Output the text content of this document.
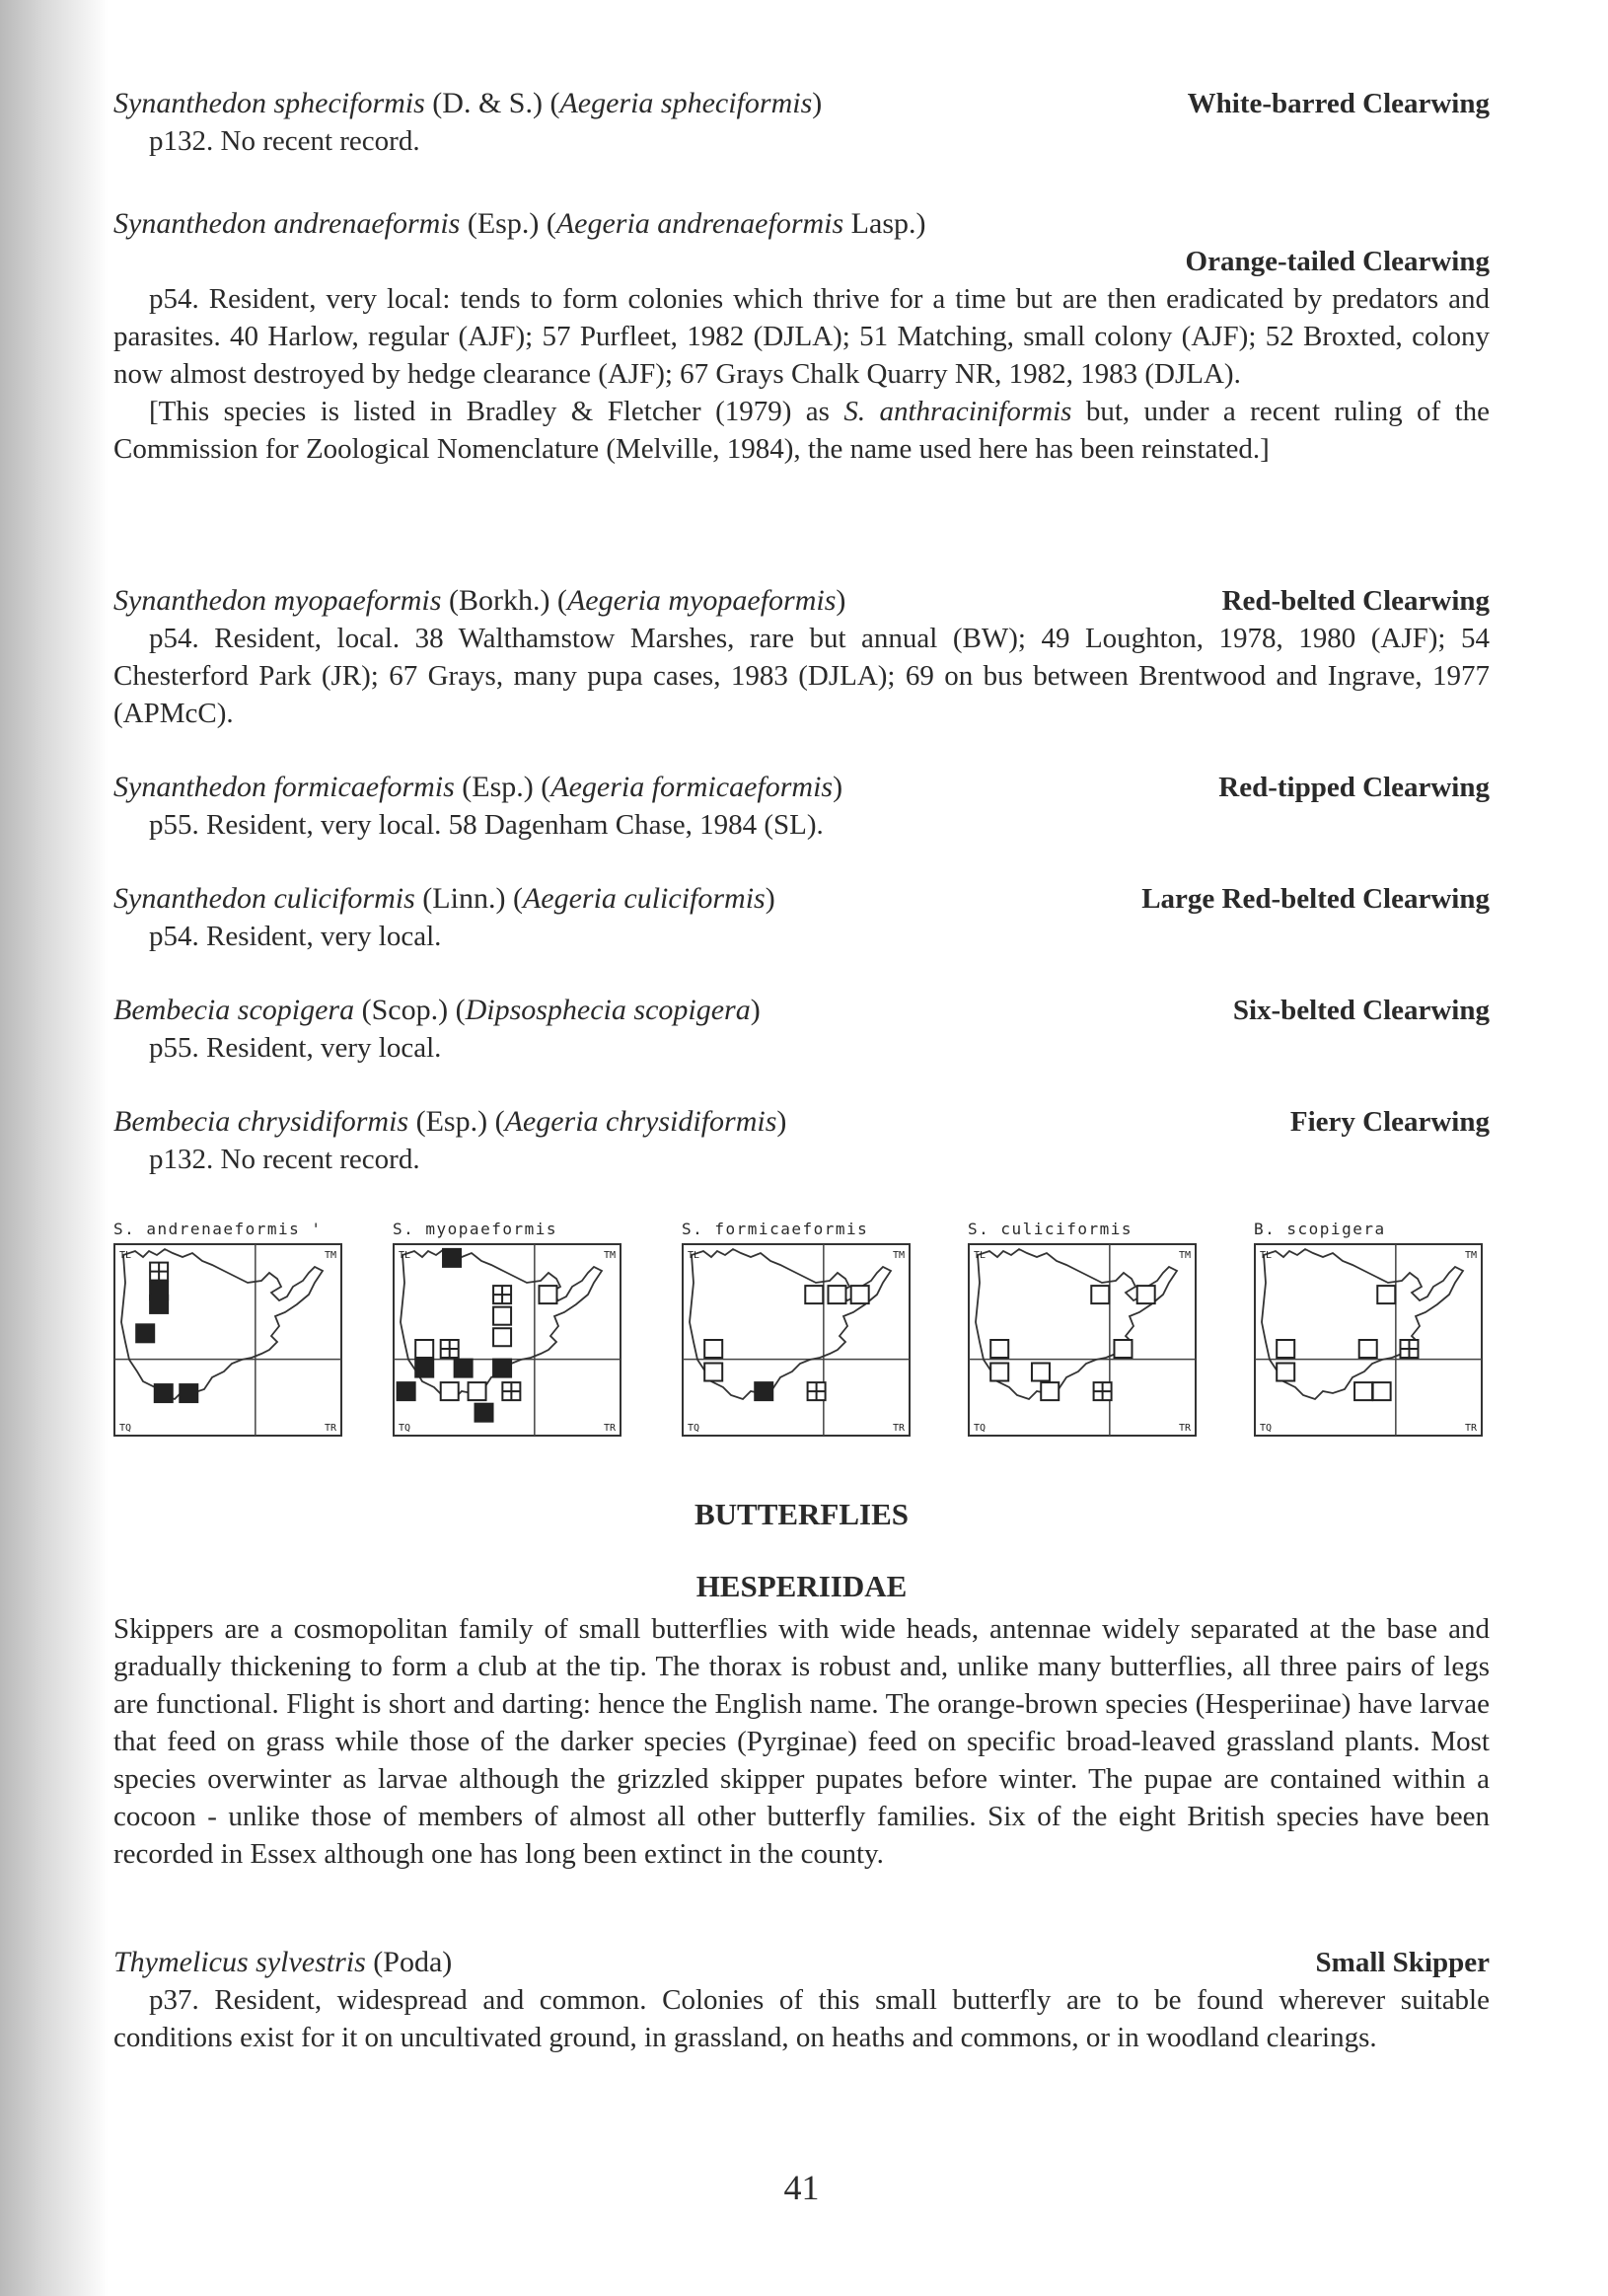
Synanthedon spheciformis (D. & S.) (Aegeria spheciformis)	White-barred Clearwing
p132. No recent record.
Synanthedon andrenaeformis (Esp.) (Aegeria andrenaeformis Lasp.)
Orange-tailed Clearwing
p54. Resident, very local: tends to form colonies which thrive for a time but are then eradicated by predators and parasites. 40 Harlow, regular (AJF); 57 Purfleet, 1982 (DJLA); 51 Matching, small colony (AJF); 52 Broxted, colony now almost destroyed by hedge clearance (AJF); 67 Grays Chalk Quarry NR, 1982, 1983 (DJLA).
[This species is listed in Bradley & Fletcher (1979) as S. anthraciniformis but, under a recent ruling of the Commission for Zoological Nomenclature (Melville, 1984), the name used here has been reinstated.]
Synanthedon myopaeformis (Borkh.) (Aegeria myopaeformis)	Red-belted Clearwing
p54. Resident, local. 38 Walthamstow Marshes, rare but annual (BW); 49 Loughton, 1978, 1980 (AJF); 54 Chesterford Park (JR); 67 Grays, many pupa cases, 1983 (DJLA); 69 on bus between Brentwood and Ingrave, 1977 (APMcC).
Synanthedon formicaeformis (Esp.) (Aegeria formicaeformis)	Red-tipped Clearwing
p55. Resident, very local. 58 Dagenham Chase, 1984 (SL).
Synanthedon culiciformis (Linn.) (Aegeria culiciformis)	Large Red-belted Clearwing
p54. Resident, very local.
Bembecia scopigera (Scop.) (Dipsosphecia scopigera)	Six-belted Clearwing
p55. Resident, very local.
Bembecia chrysidiformis (Esp.) (Aegeria chrysidiformis)	Fiery Clearwing
p132. No recent record.
S. andrenaeformis '
TL	TM
TQ	TR
S. myopaeformis
TL	TM
TQ	TR
S. formicaeformis
TL	TM
TQ	TR
S. culiciformis
TL	TM
TQ	TR
B. scopigera
TL	TM
TQ	TR
BUTTERFLIES
HESPERIIDAE
Skippers are a cosmopolitan family of small butterflies with wide heads, antennae widely separated at the base and gradually thickening to form a club at the tip. The thorax is robust and, unlike many butterflies, all three pairs of legs are functional. Flight is short and darting: hence the English name. The orange-brown species (Hesperiinae) have larvae that feed on grass while those of the darker species (Pyrginae) feed on specific broad-leaved grassland plants. Most species overwinter as larvae although the grizzled skipper pupates before winter. The pupae are contained within a cocoon - unlike those of members of almost all other butterfly families. Six of the eight British species have been recorded in Essex although one has long been extinct in the county.
Thymelicus sylvestris (Poda)	Small Skipper
p37. Resident, widespread and common. Colonies of this small butterfly are to be found wherever suitable conditions exist for it on uncultivated ground, in grassland, on heaths and commons, or in woodland clearings.
41
